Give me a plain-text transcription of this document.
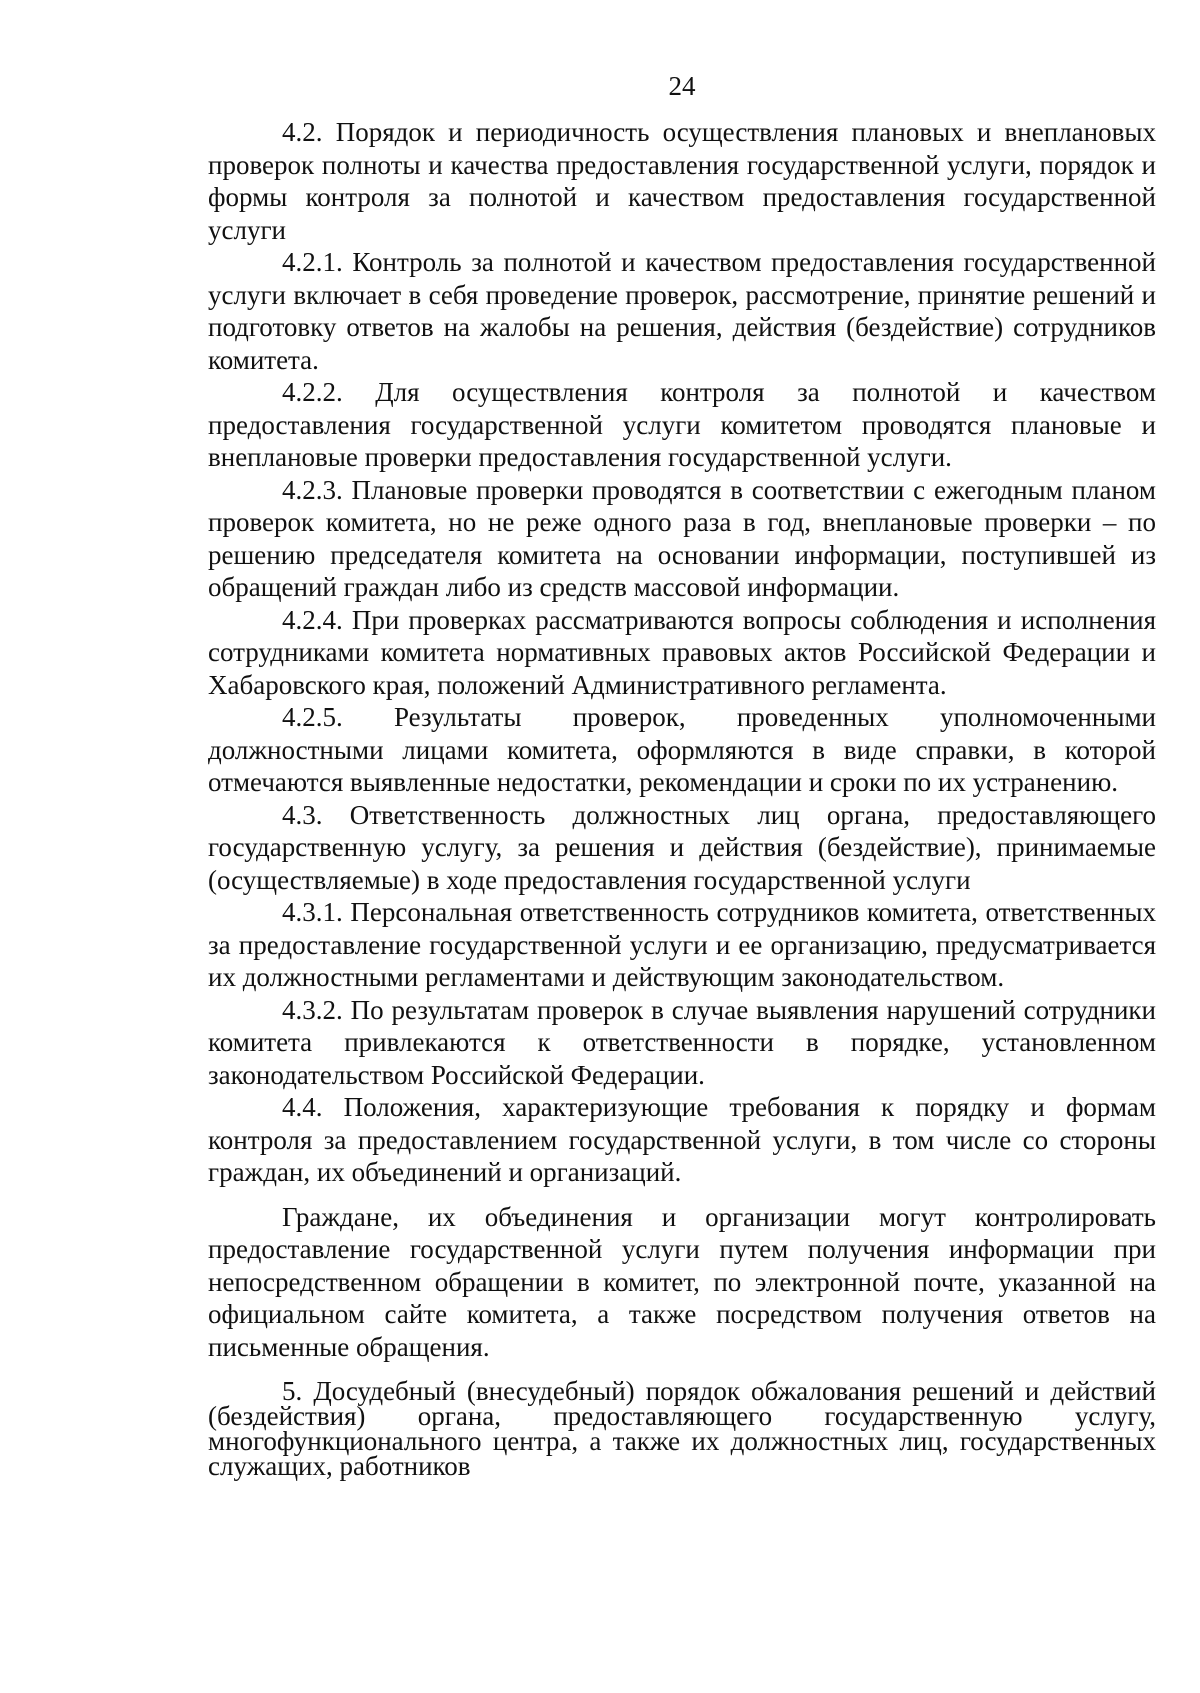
24

4.2. Порядок и периодичность осуществления плановых и внеплановых проверок полноты и качества предоставления государственной услуги, порядок и формы контроля за полнотой и качеством предоставления государственной услуги

4.2.1. Контроль за полнотой и качеством предоставления государственной услуги включает в себя проведение проверок, рассмотрение, принятие решений и подготовку ответов на жалобы на решения, действия (бездействие) сотрудников комитета.

4.2.2. Для осуществления контроля за полнотой и качеством предоставления государственной услуги комитетом проводятся плановые и внеплановые проверки предоставления государственной услуги.

4.2.3. Плановые проверки проводятся в соответствии с ежегодным планом проверок комитета, но не реже одного раза в год, внеплановые проверки – по решению председателя комитета на основании информации, поступившей из обращений граждан либо из средств массовой информации.

4.2.4. При проверках рассматриваются вопросы соблюдения и исполнения сотрудниками комитета нормативных правовых актов Российской Федерации и Хабаровского края, положений Административного регламента.

4.2.5. Результаты проверок, проведенных уполномоченными должностными лицами комитета, оформляются в виде справки, в которой отмечаются выявленные недостатки, рекомендации и сроки по их устранению.

4.3. Ответственность должностных лиц органа, предоставляющего государственную услугу, за решения и действия (бездействие), принимаемые (осуществляемые) в ходе предоставления государственной услуги

4.3.1. Персональная ответственность сотрудников комитета, ответственных за предоставление государственной услуги и ее организацию, предусматривается их должностными регламентами и действующим законодательством.

4.3.2. По результатам проверок в случае выявления нарушений сотрудники комитета привлекаются к ответственности в порядке, установленном законодательством Российской Федерации.

4.4. Положения, характеризующие требования к порядку и формам контроля за предоставлением государственной услуги, в том числе со стороны граждан, их объединений и организаций.

Граждане, их объединения и организации могут контролировать предоставление государственной услуги путем получения информации при непосредственном обращении в комитет, по электронной почте, указанной на официальном сайте комитета, а также посредством получения ответов на письменные обращения.

5. Досудебный (внесудебный) порядок обжалования решений и действий (бездействия) органа, предоставляющего государственную услугу, многофункционального центра, а также их должностных лиц, государственных служащих, работников
